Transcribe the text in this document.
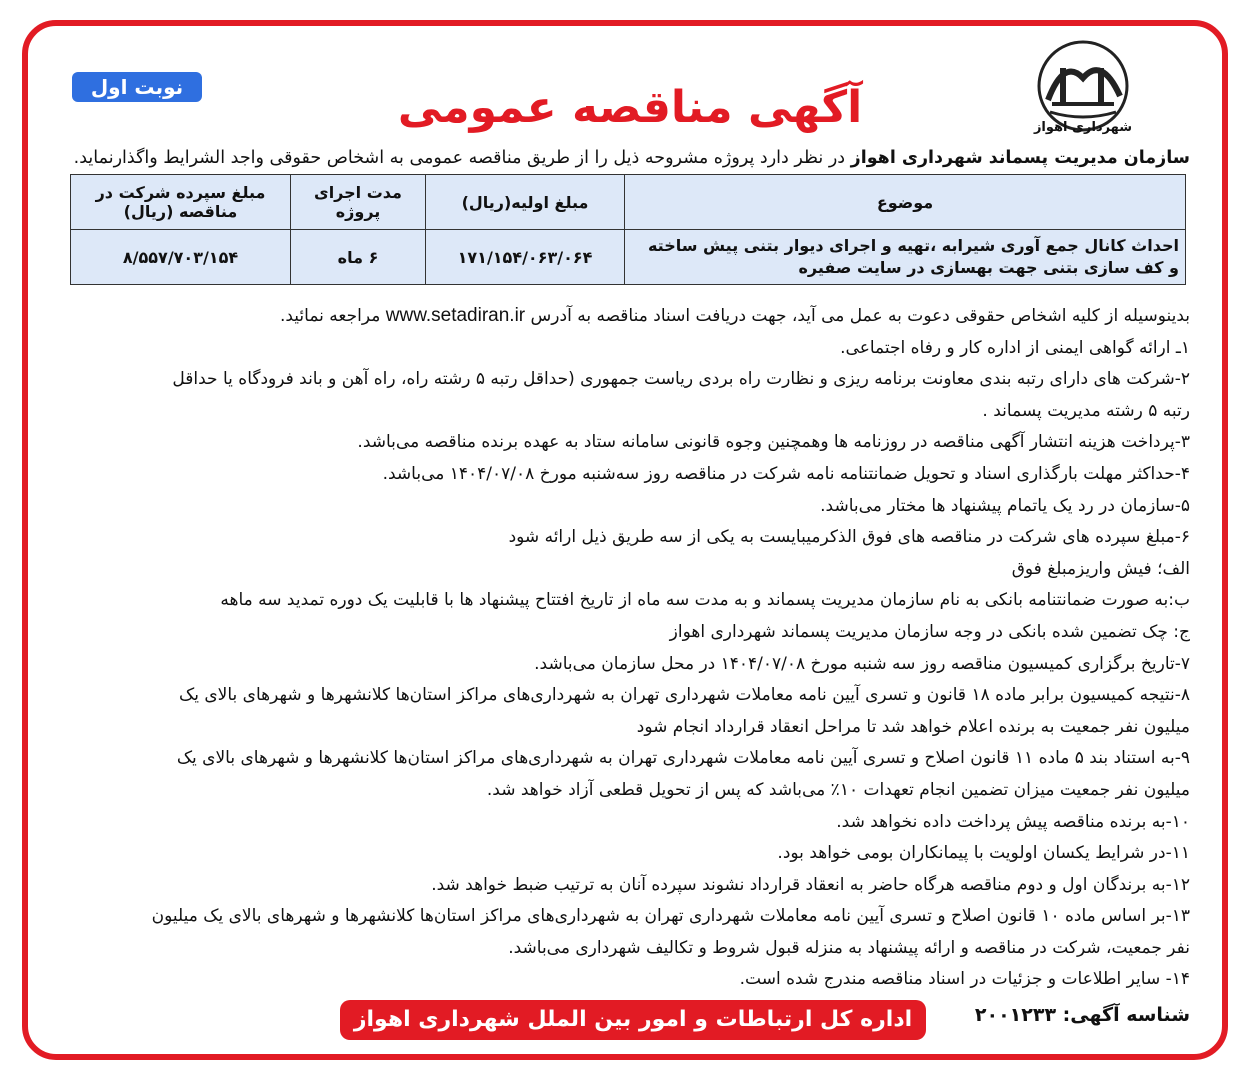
شهرداری اهواز
نوبت اول	آگهی مناقصه عمومی
سازمان مدیریت پسماند شهرداری اهواز در نظر دارد پروژه مشروحه ذیل را از طریق مناقصه عمومی به اشخاص حقوقی واجد الشرایط واگذارنماید.
موضوع	مبلغ اولیه(ریال)	مدت اجرای پروژه	مبلغ سپرده شرکت در مناقصه (ریال)

احداث کانال جمع آوری شیرابه ،تهیه و اجرای دیوار بتنی پیش ساخته
و کف سازی بتنی جهت بهسازی در سایت صفیره	۱۷۱/۱۵۴/۰۶۳/۰۶۴	۶ ماه	۸/۵۵۷/۷۰۳/۱۵۴

بدینوسیله از کلیه اشخاص حقوقی دعوت به عمل می آید، جهت دریافت اسناد مناقصه به آدرس www.setadiran.ir مراجعه نمائید.

۱ـ ارائه گواهی ایمنی از اداره کار و رفاه اجتماعی.

۲-شرکت های دارای رتبه بندی معاونت برنامه ریزی و نظارت راه بردی ریاست جمهوری (حداقل رتبه ۵ رشته راه، راه آهن و باند فرودگاه یا حداقل

رتبه ۵ رشته مدیریت پسماند .

۳-پرداخت هزینه انتشار آگهی مناقصه در روزنامه ها وهمچنین وجوه قانونی سامانه ستاد به عهده برنده مناقصه می‌باشد.

۴-حداکثر مهلت بارگذاری اسناد و تحویل ضمانتنامه نامه شرکت در مناقصه روز سه‌شنبه مورخ ۱۴۰۴/۰۷/۰۸ می‌باشد.

۵-سازمان در رد یک یاتمام پیشنهاد ها مختار می‌باشد.

۶-مبلغ سپرده های شرکت در مناقصه های فوق الذکرمیبایست به یکی از سه طریق ذیل ارائه شود

الف؛ فیش واریزمبلغ فوق

ب:به صورت ضمانتنامه بانکی به نام سازمان مدیریت پسماند و به مدت سه ماه از تاریخ افتتاح پیشنهاد ها با قابلیت یک دوره تمدید سه ماهه

ج: چک تضمین شده بانکی در وجه سازمان مدیریت پسماند شهرداری اهواز

۷-تاریخ برگزاری کمیسیون مناقصه روز سه شنبه مورخ ۱۴۰۴/۰۷/۰۸ در محل سازمان می‌باشد.

۸-نتیجه کمیسیون برابر ماده ۱۸ قانون و تسری آیین نامه معاملات شهرداری تهران به شهرداری‌های مراکز استان‌ها کلانشهرها و شهرهای بالای یک

میلیون نفر جمعیت به برنده اعلام خواهد شد تا مراحل انعقاد قرارداد انجام شود

۹-به استناد بند ۵ ماده ۱۱ قانون اصلاح و تسری آیین نامه معاملات شهرداری تهران به شهرداری‌های مراکز استان‌ها کلانشهرها و شهرهای بالای یک

میلیون نفر جمعیت میزان تضمین انجام تعهدات ۱۰٪ می‌باشد که پس از تحویل قطعی آزاد خواهد شد.

۱۰-به برنده مناقصه پیش پرداخت داده نخواهد شد.

۱۱-در شرایط یکسان اولویت با پیمانکاران بومی خواهد بود.

۱۲-به برندگان اول و دوم مناقصه هرگاه حاضر به انعقاد قرارداد نشوند سپرده آنان به ترتیب ضبط خواهد شد.

۱۳-بر اساس ماده ۱۰ قانون اصلاح و تسری آیین نامه معاملات شهرداری تهران به شهرداری‌های مراکز استان‌ها کلانشهرها و شهرهای بالای یک میلیون

نفر جمعیت، شرکت در مناقصه و ارائه پیشنهاد به منزله قبول شروط و تکالیف شهرداری می‌باشد.

۱۴- سایر اطلاعات و جزئیات در اسناد مناقصه مندرج شده است.

شناسه آگهی: ۲۰۰۱۲۳۳
اداره کل ارتباطات و امور بین الملل شهرداری اهواز
